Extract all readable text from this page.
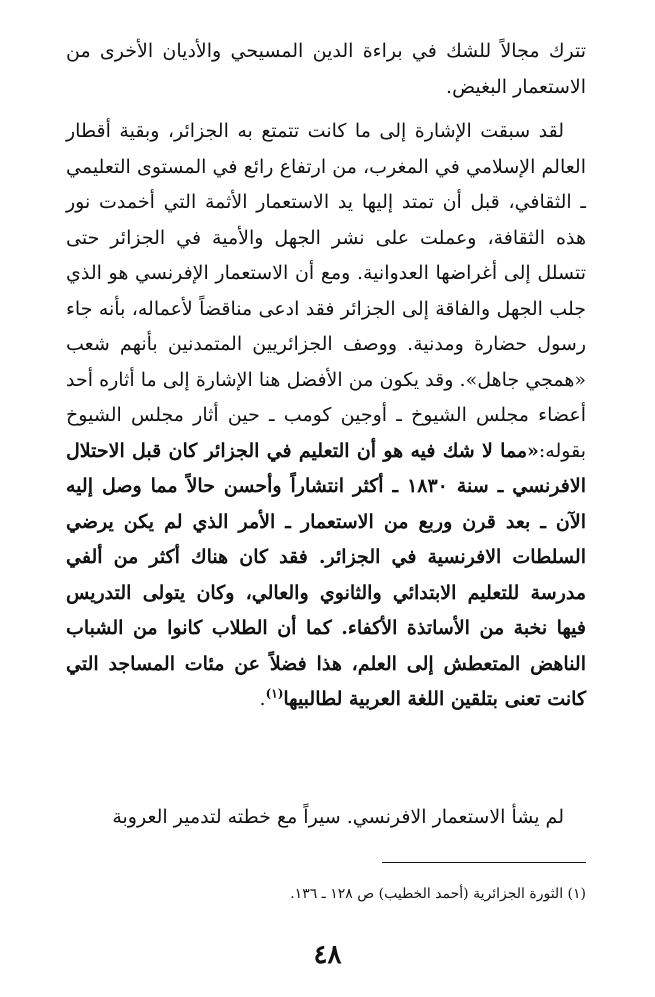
تترك مجالاً للشك في براءة الدين المسيحي والأديان الأخرى من الاستعمار البغيض.

لقد سبقت الإشارة إلى ما كانت تتمتع به الجزائر، وبقية أقطار العالم الإسلامي في المغرب، من ارتفاع رائع في المستوى التعليمي ـ الثقافي، قبل أن تمتد إليها يد الاستعمار الأثمة التي أخمدت نور هذه الثقافة، وعملت على نشر الجهل والأمية في الجزائر حتى تتسلل إلى أغراضها العدوانية. ومع أن الاستعمار الإفرنسي هو الذي جلب الجهل والفاقة إلى الجزائر فقد ادعى مناقضاً لأعماله، بأنه جاء رسول حضارة ومدنية. ووصف الجزائريين المتمدنين بأنهم شعب «همجي جاهل». وقد يكون من الأفضل هنا الإشارة إلى ما أثاره أحد أعضاء مجلس الشيوخ ـ أوجين كومب ـ حين أثار مجلس الشيوخ بقوله:«مما لا شك فيه هو أن التعليم في الجزائر كان قبل الاحتلال الافرنسي ـ سنة ١٨٣٠ ـ أكثر انتشاراً وأحسن حالاً مما وصل إليه الآن ـ بعد قرن وربع من الاستعمار ـ الأمر الذي لم يكن يرضي السلطات الافرنسية في الجزائر. فقد كان هناك أكثر من ألفي مدرسة للتعليم الابتدائي والثانوي والعالي، وكان يتولى التدريس فيها نخبة من الأساتذة الأكفاء. كما أن الطلاب كانوا من الشباب الناهض المتعطش إلى العلم، هذا فضلاً عن مئات المساجد التي كانت تعنى بتلقين اللغة العربية لطالبيها$^{(١)}$.

لم يشأ الاستعمار الافرنسي. سيراً مع خطته لتدمير العروبة

(١) الثورة الجزائرية (أحمد الخطيب) ص ١٢٨ ـ ١٣٦.

٤٨
